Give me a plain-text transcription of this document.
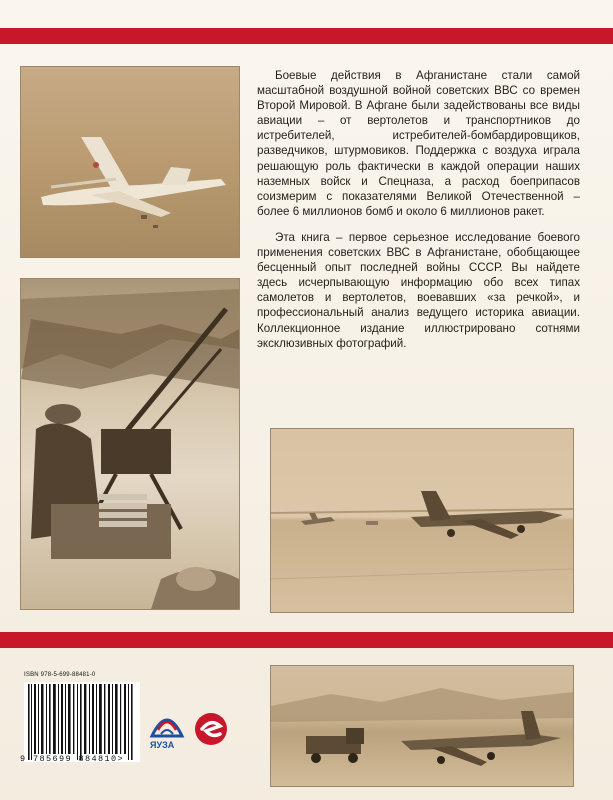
Боевые действия в Афганистане стали самой масштабной воздушной войной советских ВВС со времен Второй Мировой. В Афгане были задействованы все виды авиации – от вертолетов и транспортников до истребителей, истребителей-бомбардировщиков, разведчиков, штурмовиков. Поддержка с воздуха играла решающую роль фактически в каждой операции наших наземных войск и Спецназа, а расход боеприпасов соизмерим с показателями Великой Отечественной – более 6 миллионов бомб и около 6 миллионов ракет.

Эта книга – первое серьезное исследование боевого применения советских ВВС в Афганистане, обобщающее бесценный опыт последней войны СССР. Вы найдете здесь исчерпывающую информацию обо всех типах самолетов и вертолетов, воевавших «за речкой», и профессиональный анализ ведущего историка авиации. Коллекционное издание иллюстрировано сотнями эксклюзивных фотографий.

ISBN 978-5-699-88481-0
9 785699 884810>
ЯУЗА
